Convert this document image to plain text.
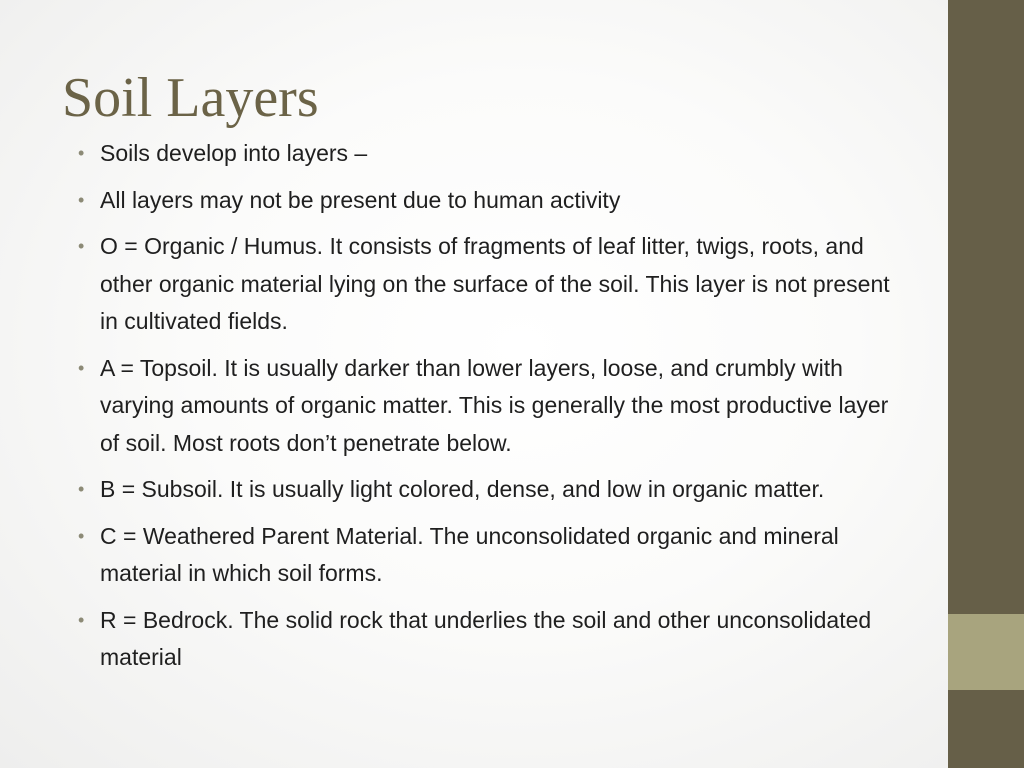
Soil Layers
• Soils develop into layers –
• All layers may not be present due to human activity
• O = Organic / Humus. It consists of fragments of leaf litter, twigs, roots, and other organic material lying on the surface of the soil. This layer is not present in cultivated fields.
• A = Topsoil. It is usually darker than lower layers, loose, and crumbly with varying amounts of organic matter. This is generally the most productive layer of soil. Most roots don’t penetrate below.
• B = Subsoil. It is usually light colored, dense, and low in organic matter.
• C = Weathered Parent Material. The unconsolidated organic and mineral material in which soil forms.
• R = Bedrock. The solid rock that underlies the soil and other unconsolidated material
